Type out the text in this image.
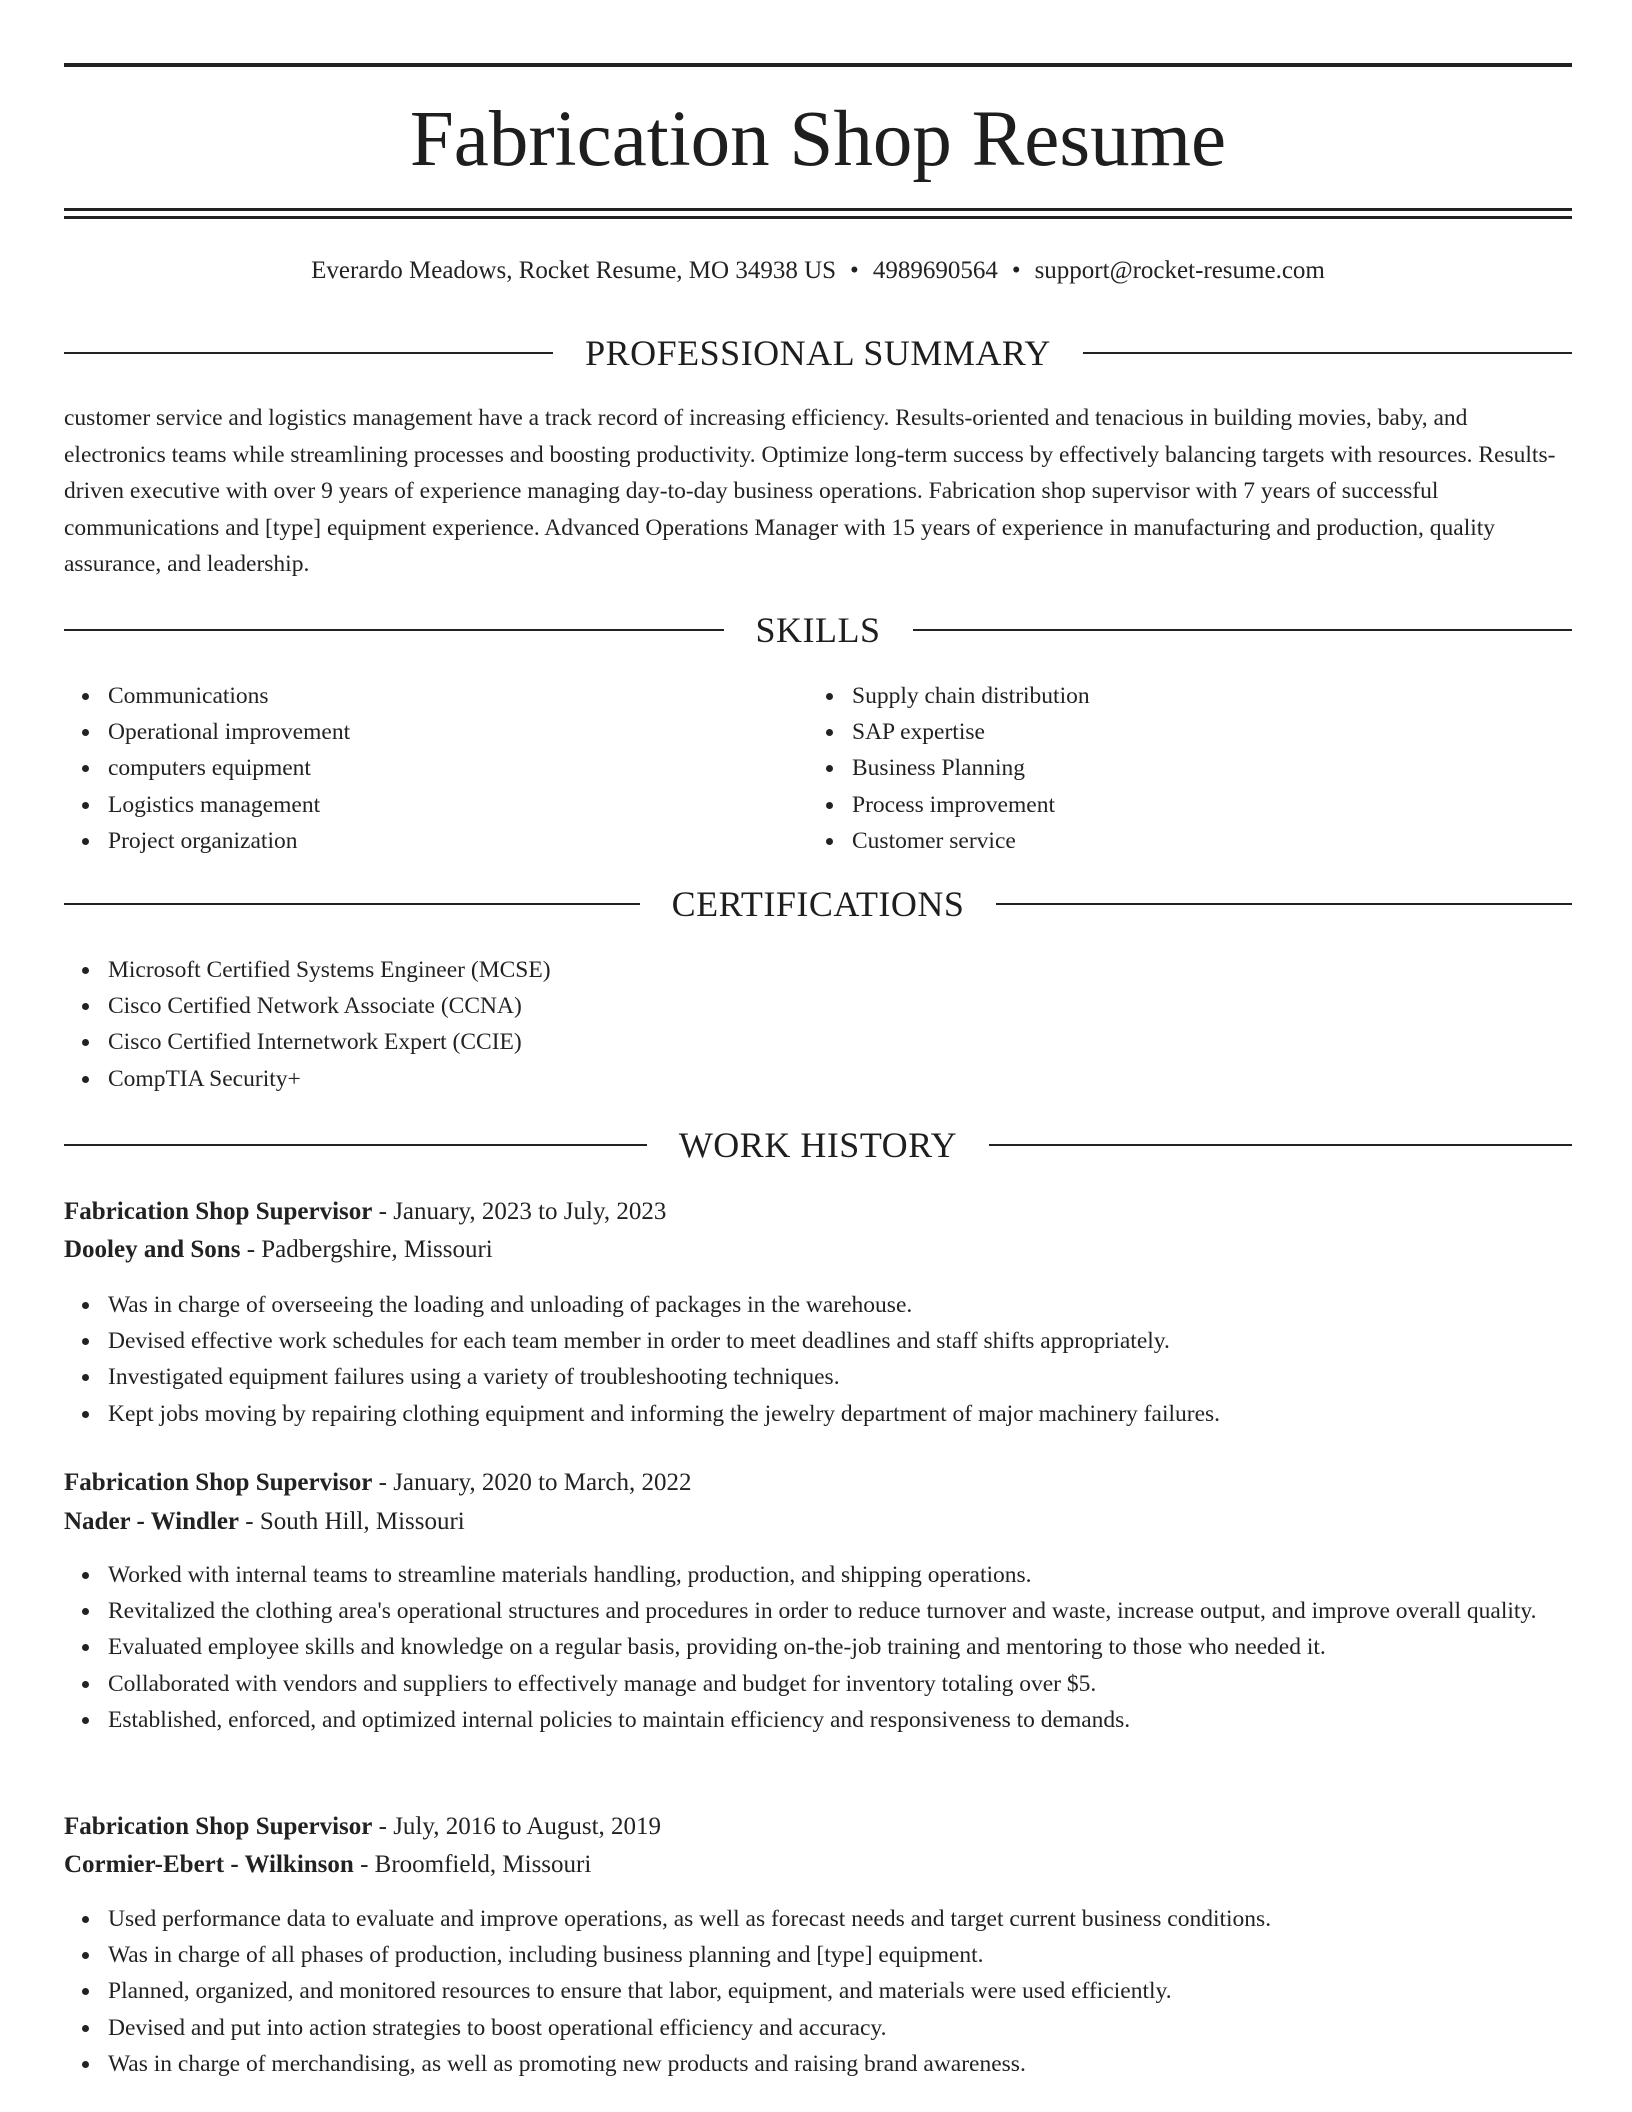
Fabrication Shop Resume
Everardo Meadows, Rocket Resume, MO 34938 US • 4989690564 • support@rocket-resume.com
PROFESSIONAL SUMMARY

customer service and logistics management have a track record of increasing efficiency. Results-oriented and tenacious in building movies, baby, and electronics teams while streamlining processes and boosting productivity. Optimize long-term success by effectively balancing targets with resources. Results-driven executive with over 9 years of experience managing day-to-day business operations. Fabrication shop supervisor with 7 years of successful communications and [type] equipment experience. Advanced Operations Manager with 15 years of experience in manufacturing and production, quality assurance, and leadership.

SKILLS
Communications
Operational improvement
computers equipment
Logistics management
Project organization
Supply chain distribution
SAP expertise
Business Planning
Process improvement
Customer service
CERTIFICATIONS
Microsoft Certified Systems Engineer (MCSE)
Cisco Certified Network Associate (CCNA)
Cisco Certified Internetwork Expert (CCIE)
CompTIA Security+
WORK HISTORY
Fabrication Shop Supervisor - January, 2023 to July, 2023
Dooley and Sons - Padbergshire, Missouri
Was in charge of overseeing the loading and unloading of packages in the warehouse.
Devised effective work schedules for each team member in order to meet deadlines and staff shifts appropriately.
Investigated equipment failures using a variety of troubleshooting techniques.
Kept jobs moving by repairing clothing equipment and informing the jewelry department of major machinery failures.
Fabrication Shop Supervisor - January, 2020 to March, 2022
Nader - Windler - South Hill, Missouri
Worked with internal teams to streamline materials handling, production, and shipping operations.
Revitalized the clothing area's operational structures and procedures in order to reduce turnover and waste, increase output, and improve overall quality.
Evaluated employee skills and knowledge on a regular basis, providing on-the-job training and mentoring to those who needed it.
Collaborated with vendors and suppliers to effectively manage and budget for inventory totaling over $5.
Established, enforced, and optimized internal policies to maintain efficiency and responsiveness to demands.
Fabrication Shop Supervisor - July, 2016 to August, 2019
Cormier-Ebert - Wilkinson - Broomfield, Missouri
Used performance data to evaluate and improve operations, as well as forecast needs and target current business conditions.
Was in charge of all phases of production, including business planning and [type] equipment.
Planned, organized, and monitored resources to ensure that labor, equipment, and materials were used efficiently.
Devised and put into action strategies to boost operational efficiency and accuracy.
Was in charge of merchandising, as well as promoting new products and raising brand awareness.
